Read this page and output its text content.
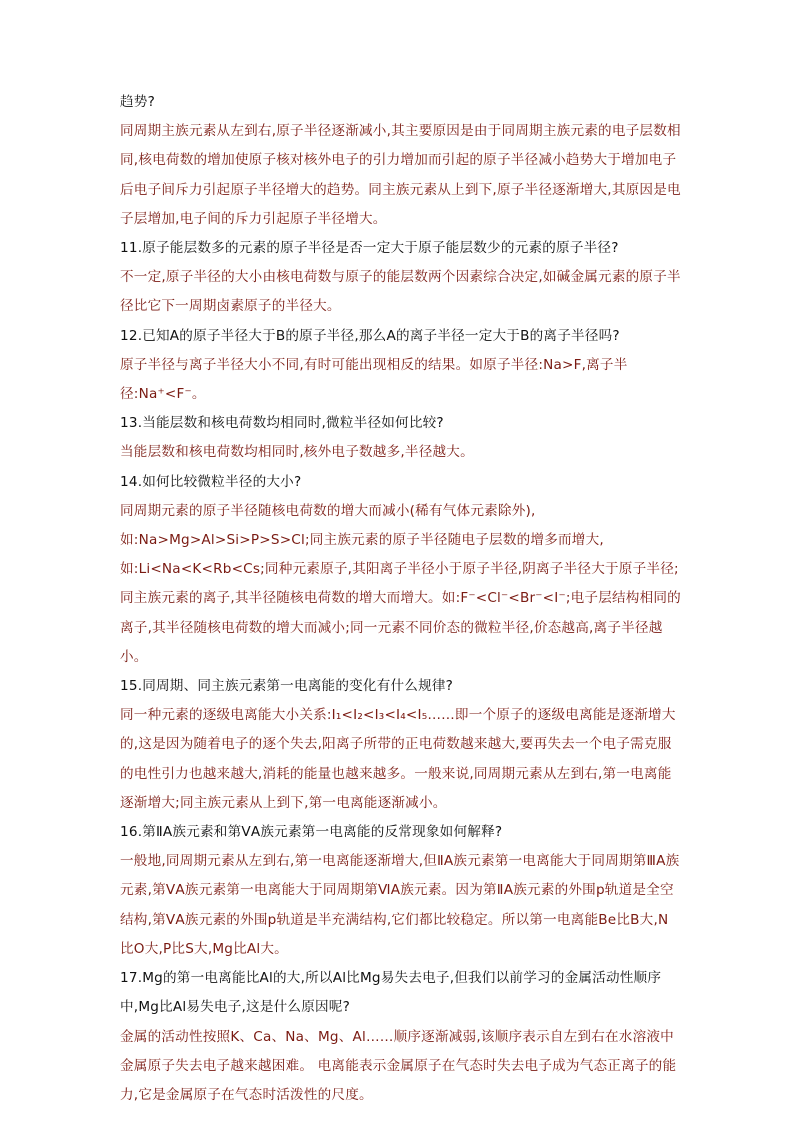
趋势?

同周期主族元素从左到右,原子半径逐渐减小,其主要原因是由于同周期主族元素的电子层数相同,核电荷数的增加使原子核对核外电子的引力增加而引起的原子半径减小趋势大于增加电子后电子间斥力引起原子半径增大的趋势。同主族元素从上到下,原子半径逐渐增大,其原因是电子层增加,电子间的斥力引起原子半径增大。

11.原子能层数多的元素的原子半径是否一定大于原子能层数少的元素的原子半径?

不一定,原子半径的大小由核电荷数与原子的能层数两个因素综合决定,如碱金属元素的原子半径比它下一周期卤素原子的半径大。

12.已知A的原子半径大于B的原子半径,那么A的离子半径一定大于B的离子半径吗?

原子半径与离子半径大小不同,有时可能出现相反的结果。如原子半径:Na>F,离子半径:Na⁺<F⁻。

13.当能层数和核电荷数均相同时,微粒半径如何比较?

当能层数和核电荷数均相同时,核外电子数越多,半径越大。

14.如何比较微粒半径的大小?

同周期元素的原子半径随核电荷数的增大而减小(稀有气体元素除外),如:Na>Mg>Al>Si>P>S>Cl;同主族元素的原子半径随电子层数的增多而增大,如:Li<Na<K<Rb<Cs;同种元素原子,其阳离子半径小于原子半径,阴离子半径大于原子半径;同主族元素的离子,其半径随核电荷数的增大而增大。如:F⁻<Cl⁻<Br⁻<I⁻;电子层结构相同的离子,其半径随核电荷数的增大而减小;同一元素不同价态的微粒半径,价态越高,离子半径越小。

15.同周期、同主族元素第一电离能的变化有什么规律?

同一种元素的逐级电离能大小关系:I₁<I₂<I₃<I₄<I₅……即一个原子的逐级电离能是逐渐增大的,这是因为随着电子的逐个失去,阳离子所带的正电荷数越来越大,要再失去一个电子需克服的电性引力也越来越大,消耗的能量也越来越多。一般来说,同周期元素从左到右,第一电离能逐渐增大;同主族元素从上到下,第一电离能逐渐减小。

16.第ⅡA族元素和第ⅤA族元素第一电离能的反常现象如何解释?

一般地,同周期元素从左到右,第一电离能逐渐增大,但ⅡA族元素第一电离能大于同周期第ⅢA族元素,第ⅤA族元素第一电离能大于同周期第ⅥA族元素。因为第ⅡA族元素的外围p轨道是全空结构,第ⅤA族元素的外围p轨道是半充满结构,它们都比较稳定。所以第一电离能Be比B大,N比O大,P比S大,Mg比Al大。

17.Mg的第一电离能比Al的大,所以Al比Mg易失去电子,但我们以前学习的金属活动性顺序中,Mg比Al易失电子,这是什么原因呢?

金属的活动性按照K、Ca、Na、Mg、Al……顺序逐渐减弱,该顺序表示自左到右在水溶液中金属原子失去电子越来越困难。 电离能表示金属原子在气态时失去电子成为气态正离子的能力,它是金属原子在气态时活泼性的尺度。
